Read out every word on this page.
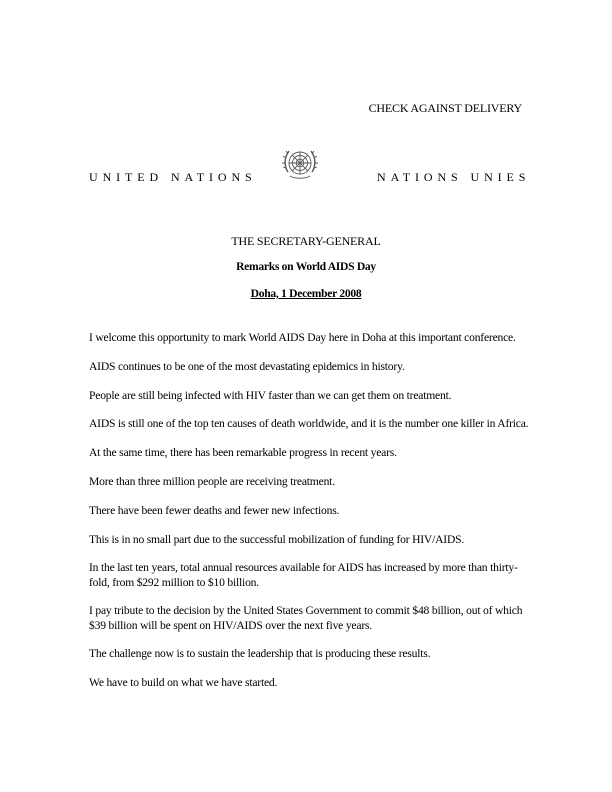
CHECK AGAINST DELIVERY
UNITED NATIONS	NATIONS UNIES
THE SECRETARY-GENERAL
Remarks on World AIDS Day
Doha, 1 December 2008

I welcome this opportunity to mark World AIDS Day here in Doha at this important conference.

AIDS continues to be one of the most devastating epidemics in history.

People are still being infected with HIV faster than we can get them on treatment.

AIDS is still one of the top ten causes of death worldwide, and it is the number one killer in Africa.

At the same time, there has been remarkable progress in recent years.

More than three million people are receiving treatment.

There have been fewer deaths and fewer new infections.

This is in no small part due to the successful mobilization of funding for HIV/AIDS.

In the last ten years, total annual resources available for AIDS has increased by more than thirty-fold, from $292 million to $10 billion.

I pay tribute to the decision by the United States Government to commit $48 billion, out of which $39 billion will be spent on HIV/AIDS over the next five years.

The challenge now is to sustain the leadership that is producing these results.

We have to build on what we have started.
